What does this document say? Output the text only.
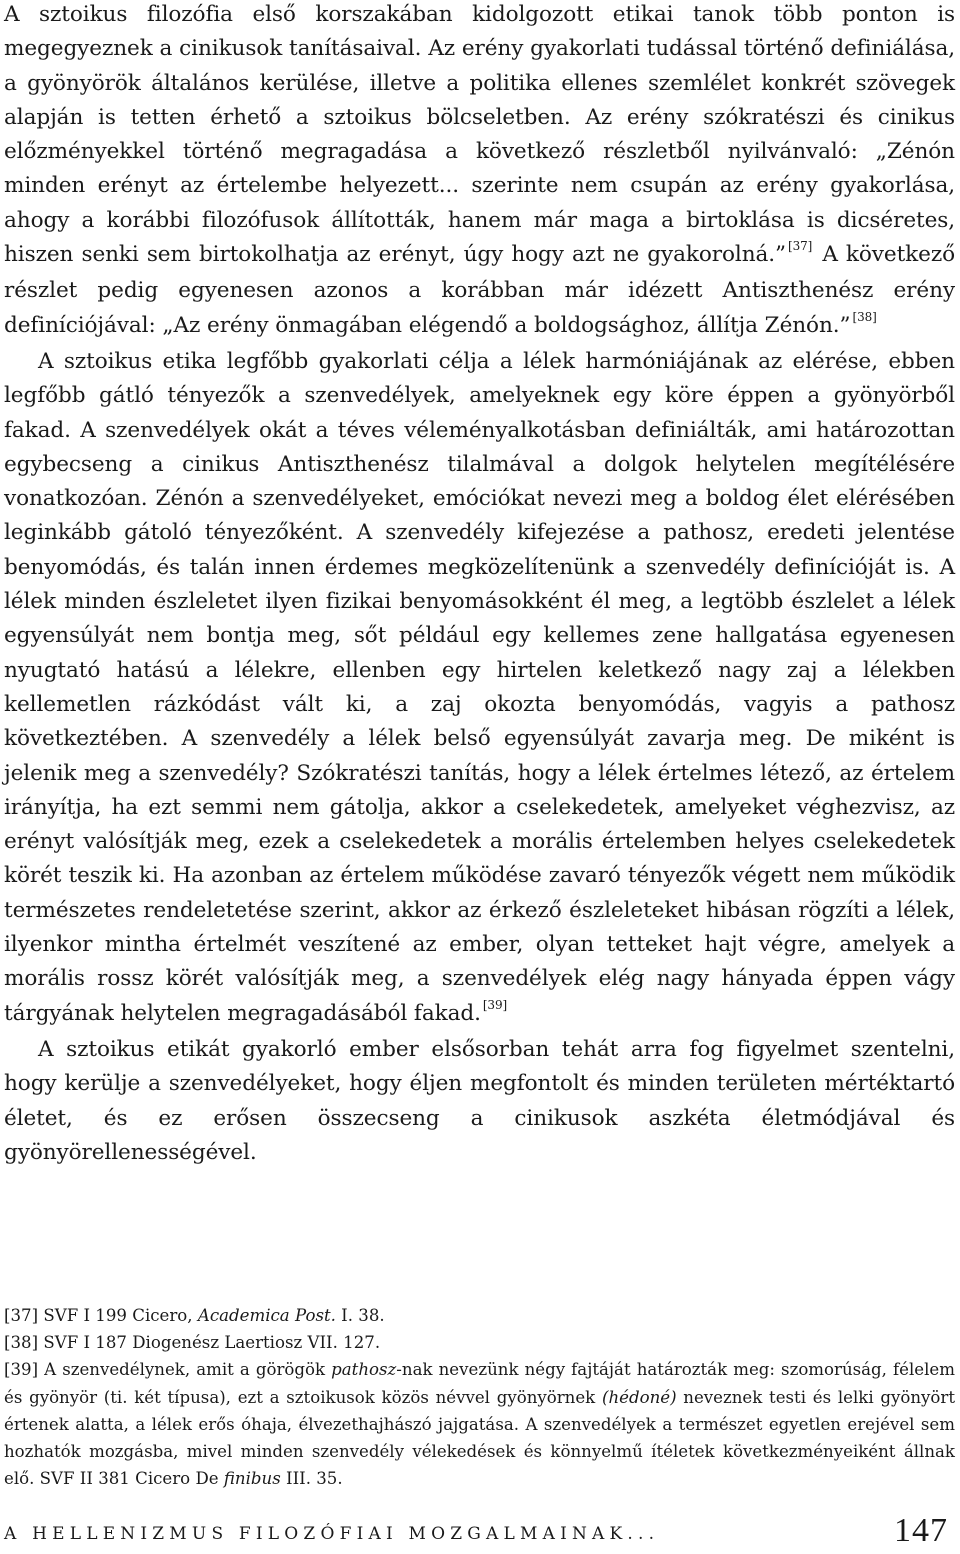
A sztoikus filozófia első korszakában kidolgozott etikai tanok több ponton is megegyeznek a cinikusok tanításaival. Az erény gyakorlati tudással történő definiálása, a gyönyörök általános kerülése, illetve a politika ellenes szemlélet konkrét szövegek alapján is tetten érhető a sztoikus bölcseletben. Az erény szókratészi és cinikus előzményekkel történő megragadása a következő részletből nyilvánvaló: „Zénón minden erényt az értelembe helyezett... szerinte nem csupán az erény gyakorlása, ahogy a korábbi filozófusok állították, hanem már maga a birtoklása is dicséretes, hiszen senki sem birtokolhatja az erényt, úgy hogy azt ne gyakorolná.” [37] A következő részlet pedig egyenesen azonos a korábban már idézett Antiszthenész erény definíciójával: „Az erény önmagában elégendő a boldogsághoz, állítja Zénón.” [38]

A sztoikus etika legfőbb gyakorlati célja a lélek harmóniájának az elérése, ebben legfőbb gátló tényezők a szenvedélyek, amelyeknek egy köre éppen a gyönyörből fakad. A szenvedélyek okát a téves véleményalkotásban definiálták, ami határozottan egybecseng a cinikus Antiszthenész tilalmával a dolgok helytelen megítélésére vonatkozóan. Zénón a szenvedélyeket, emóciókat nevezi meg a boldog élet elérésében leginkább gátoló tényezőként. A szenvedély kifejezése a pathosz, eredeti jelentése benyomódás, és talán innen érdemes megközelítenünk a szenvedély definícióját is. A lélek minden észleletet ilyen fizikai benyomásokként él meg, a legtöbb észlelet a lélek egyensúlyát nem bontja meg, sőt például egy kellemes zene hallgatása egyenesen nyugtató hatású a lélekre, ellenben egy hirtelen keletkező nagy zaj a lélekben kellemetlen rázkódást vált ki, a zaj okozta benyomódás, vagyis a pathosz következtében. A szenvedély a lélek belső egyensúlyát zavarja meg. De miként is jelenik meg a szenvedély? Szókratészi tanítás, hogy a lélek értelmes létező, az értelem irányítja, ha ezt semmi nem gátolja, akkor a cselekedetek, amelyeket véghezvisz, az erényt valósítják meg, ezek a cselekedetek a morális értelemben helyes cselekedetek körét teszik ki. Ha azonban az értelem működése zavaró tényezők végett nem működik természetes rendeletetése szerint, akkor az érkező észleleteket hibásan rögzíti a lélek, ilyenkor mintha értelmét veszítené az ember, olyan tetteket hajt végre, amelyek a morális rossz körét valósítják meg, a szenvedélyek elég nagy hányada éppen vágy tárgyának helytelen megragadásából fakad. [39]

A sztoikus etikát gyakorló ember elsősorban tehát arra fog figyelmet szentelni, hogy kerülje a szenvedélyeket, hogy éljen megfontolt és minden területen mértéktartó életet, és ez erősen összecseng a cinikusok aszkéta életmódjával és gyönyörellenességével.

[37] SVF I 199 Cicero, Academica Post. I. 38.

[38] SVF I 187 Diogenész Laertiosz VII. 127.

[39] A szenvedélynek, amit a görögök pathosz-nak nevezünk négy fajtáját határozták meg: szomorúság, félelem és gyönyör (ti. két típusa), ezt a sztoikusok közös névvel gyönyörnek (hédoné) neveznek testi és lelki gyönyört értenek alatta, a lélek erős óhaja, élvezethajhászó jajgatása. A szenvedélyek a természet egyetlen erejével sem hozhatók mozgásba, mivel minden szenvedély vélekedések és könnyelmű ítéletek következményeiként állnak elő. SVF II 381 Cicero De finibus III. 35.

A HELLENIZMUS FILOZÓFIAI MOZGALMAINAK...	147
